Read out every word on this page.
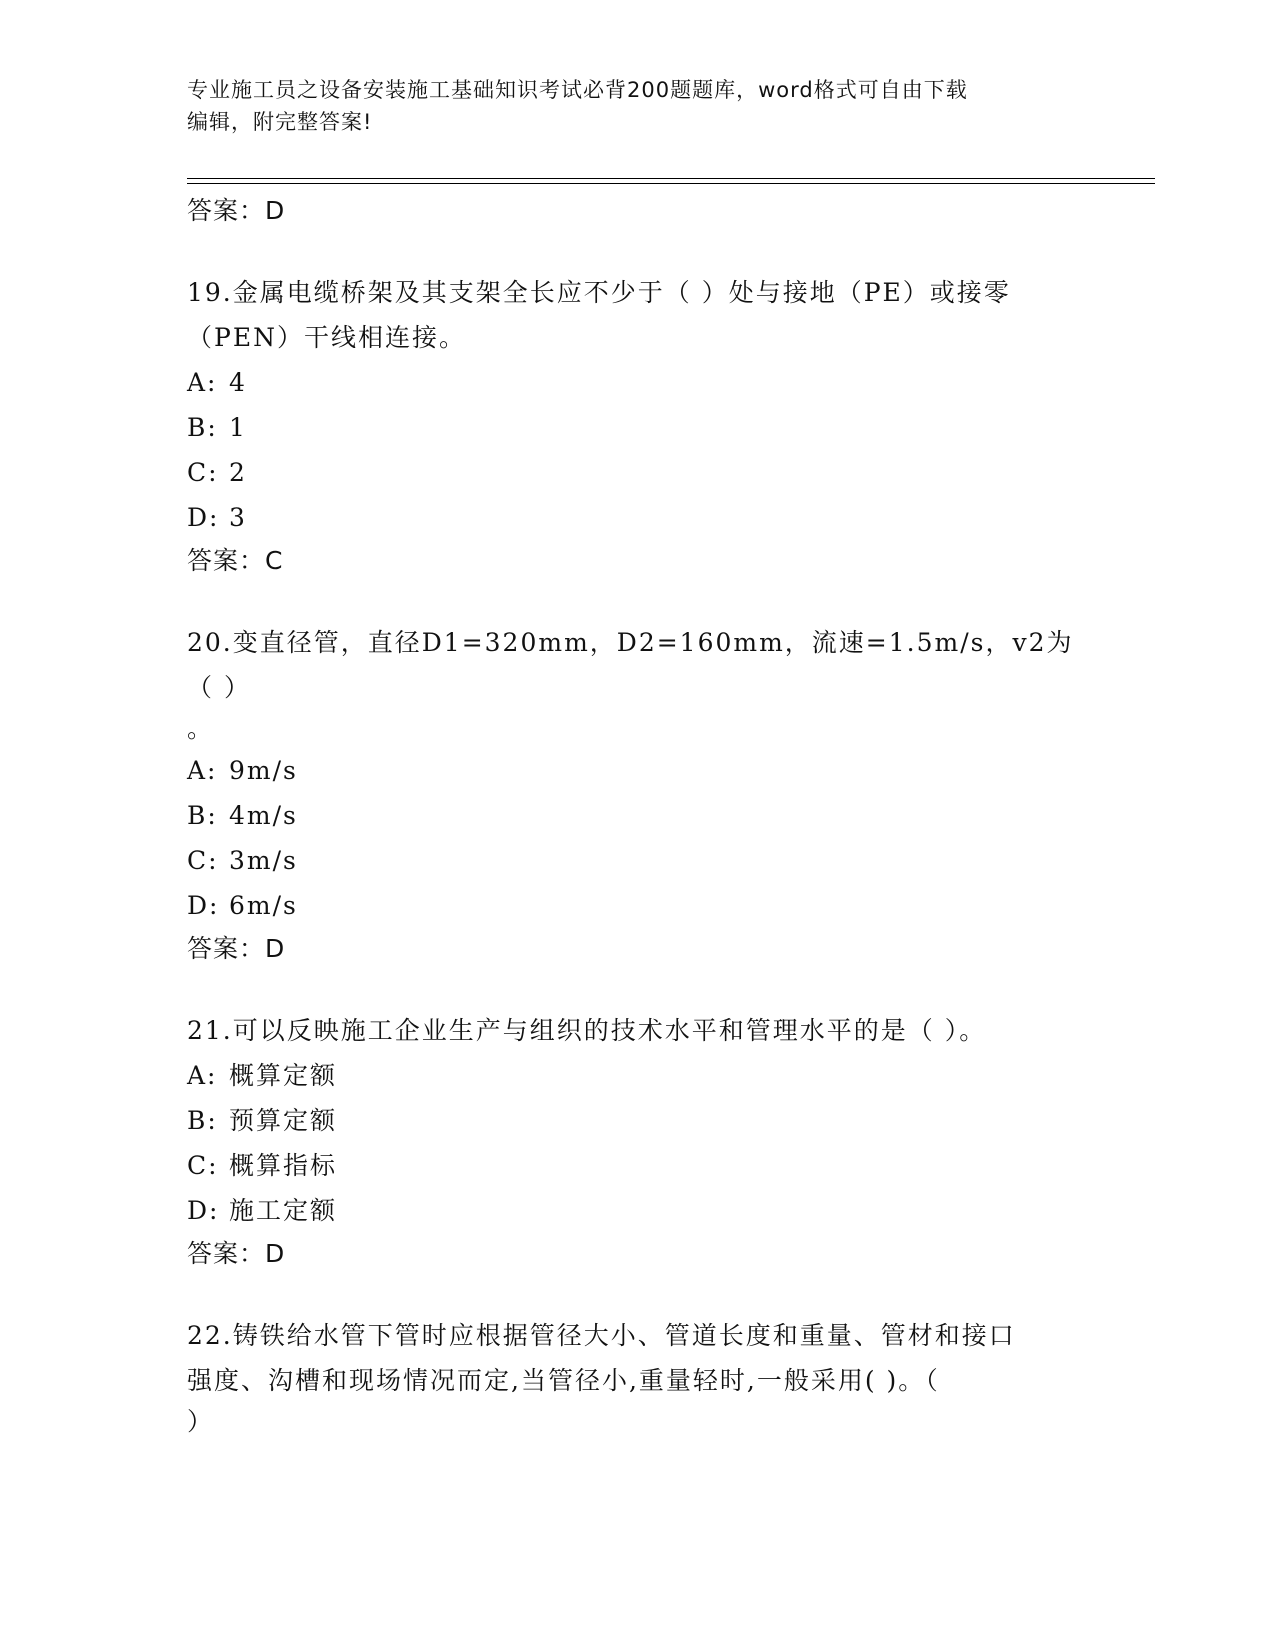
专业施工员之设备安装施工基础知识考试必背200题题库，word格式可自由下载
编辑，附完整答案!
答案：D
19.金属电缆桥架及其支架全长应不少于（ ）处与接地（PE）或接零
（PEN）干线相连接。
A: 4
B: 1
C: 2
D: 3
答案：C
20.变直径管，直径D1=320mm，D2=160mm，流速=1.5m/s，v2为（ ）
。
A: 9m/s
B: 4m/s
C: 3m/s
D: 6m/s
答案：D
21.可以反映施工企业生产与组织的技术水平和管理水平的是（ ）。
A: 概算定额
B: 预算定额
C: 概算指标
D: 施工定额
答案：D
22.铸铁给水管下管时应根据管径大小、管道长度和重量、管材和接口
强度、沟槽和现场情况而定,当管径小,重量轻时,一般采用( )。（
）
